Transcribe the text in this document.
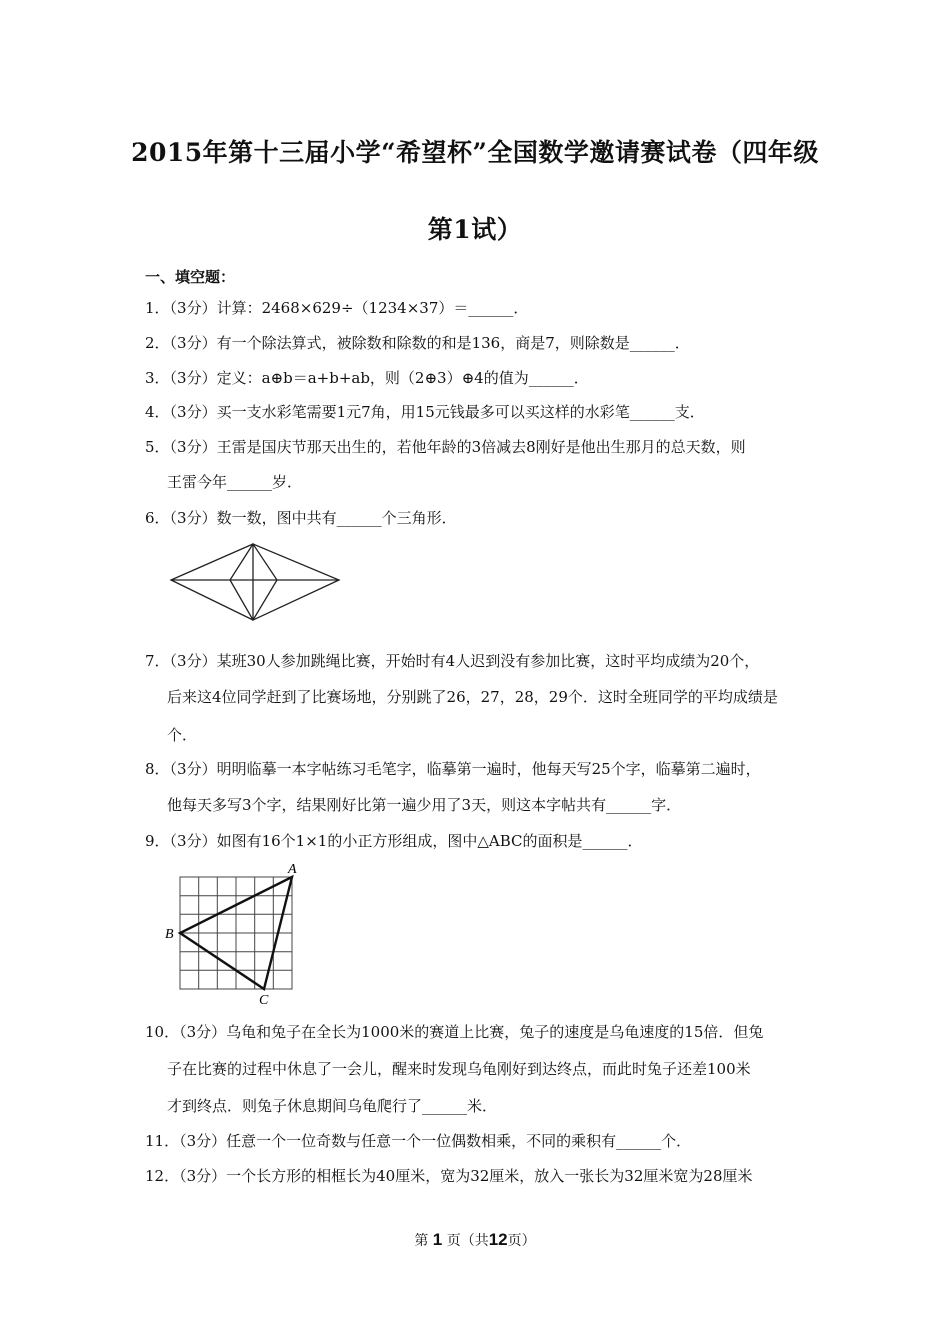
2015年第十三届小学“希望杯”全国数学邀请赛试卷（四年级
第1试）
一、填空题：
1．（3分）计算：2468×629÷（1234×37）＝______．
2．（3分）有一个除法算式，被除数和除数的和是136，商是7，则除数是______．
3．（3分）定义：a⊕b＝a+b+ab，则（2⊕3）⊕4的值为______．
4．（3分）买一支水彩笔需要1元7角，用15元钱最多可以买这样的水彩笔______支．
5．（3分）王雷是国庆节那天出生的，若他年龄的3倍减去8刚好是他出生那月的总天数，则
王雷今年______岁．
6．（3分）数一数，图中共有______个三角形．
7．（3分）某班30人参加跳绳比赛，开始时有4人迟到没有参加比赛，这时平均成绩为20个，
后来这4位同学赶到了比赛场地，分别跳了26，27，28，29个．这时全班同学的平均成绩是
个．
8．（3分）明明临摹一本字帖练习毛笔字，临摹第一遍时，他每天写25个字，临摹第二遍时，
他每天多写3个字，结果刚好比第一遍少用了3天，则这本字帖共有______字．
9．（3分）如图有16个1×1的小正方形组成，图中△ABC的面积是______．
A
B
C
10．（3分）乌龟和兔子在全长为1000米的赛道上比赛，兔子的速度是乌龟速度的15倍．但兔
子在比赛的过程中休息了一会儿，醒来时发现乌龟刚好到达终点，而此时兔子还差100米
才到终点．则兔子休息期间乌龟爬行了______米．
11．（3分）任意一个一位奇数与任意一个一位偶数相乘，不同的乘积有______个．
12．（3分）一个长方形的相框长为40厘米，宽为32厘米，放入一张长为32厘米宽为28厘米
第 1 页（共12页）
